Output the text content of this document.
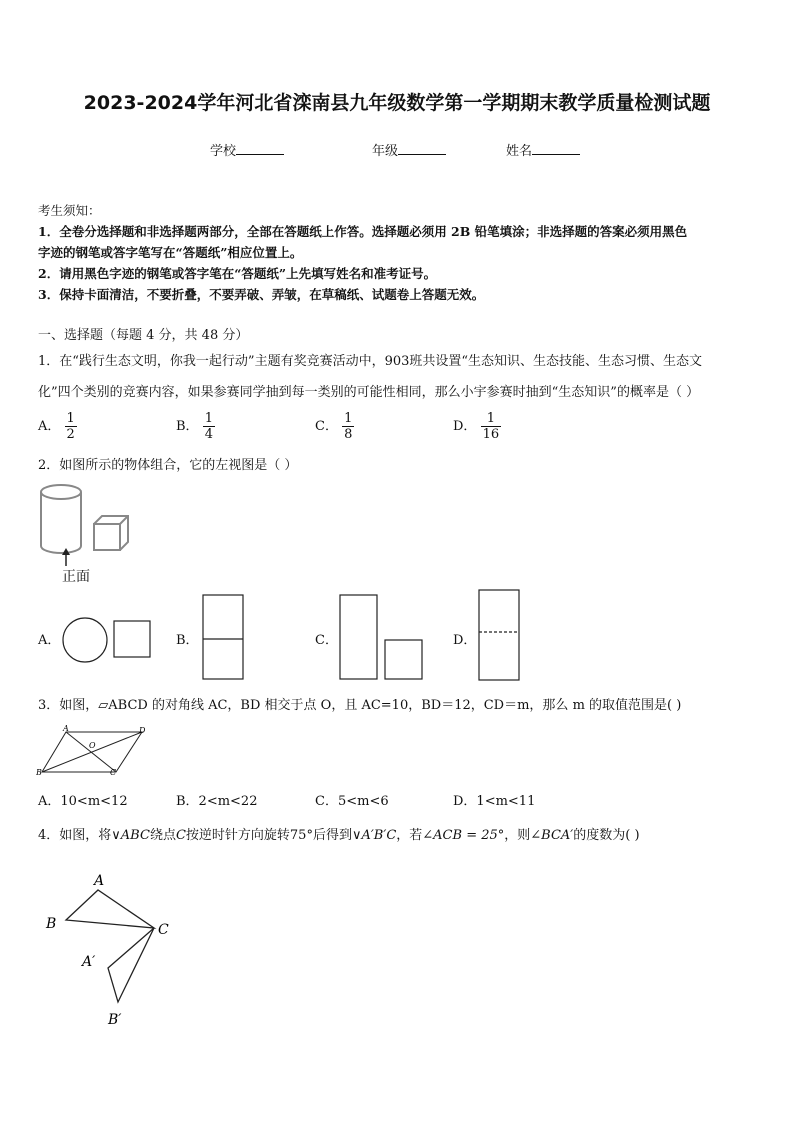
2023-2024学年河北省滦南县九年级数学第一学期期末教学质量检测试题
学校	年级	姓名
考生须知：
1．全卷分选择题和非选择题两部分，全部在答题纸上作答。选择题必须用 2B 铅笔填涂；非选择题的答案必须用黑色
字迹的钢笔或答字笔写在“答题纸”相应位置上。
2．请用黑色字迹的钢笔或答字笔在“答题纸”上先填写姓名和准考证号。
3．保持卡面清洁，不要折叠，不要弄破、弄皱，在草稿纸、试题卷上答题无效。
一、选择题（每题 4 分，共 48 分）
1．在“践行生态文明，你我一起行动”主题有奖竞赛活动中，903班共设置“生态知识、生态技能、生态习惯、生态文
化”四个类别的竞赛内容，如果参赛同学抽到每一类别的可能性相同，那么小宇参赛时抽到“生态知识”的概率是（ ）
A． $\frac{1}{2}$	B． $\frac{1}{4}$	C． $\frac{1}{8}$	D． $\frac{1}{16}$
2．如图所示的物体组合，它的左视图是（ ）
正面
A．	B．	C．	D．
3．如图，▱ABCD 的对角线 AC，BD 相交于点 O，且 AC=10，BD＝12，CD＝m，那么 m 的取值范围是( )
A	D
O
B	C
A．10<m<12	B．2<m<22	C．5<m<6	D．1<m<11
4．如图，将∨ABC绕点C按逆时针方向旋转75°后得到∨A′B′C，若∠ACB = 25°，则∠BCA′的度数为( )
A
B	C
A′
B′
